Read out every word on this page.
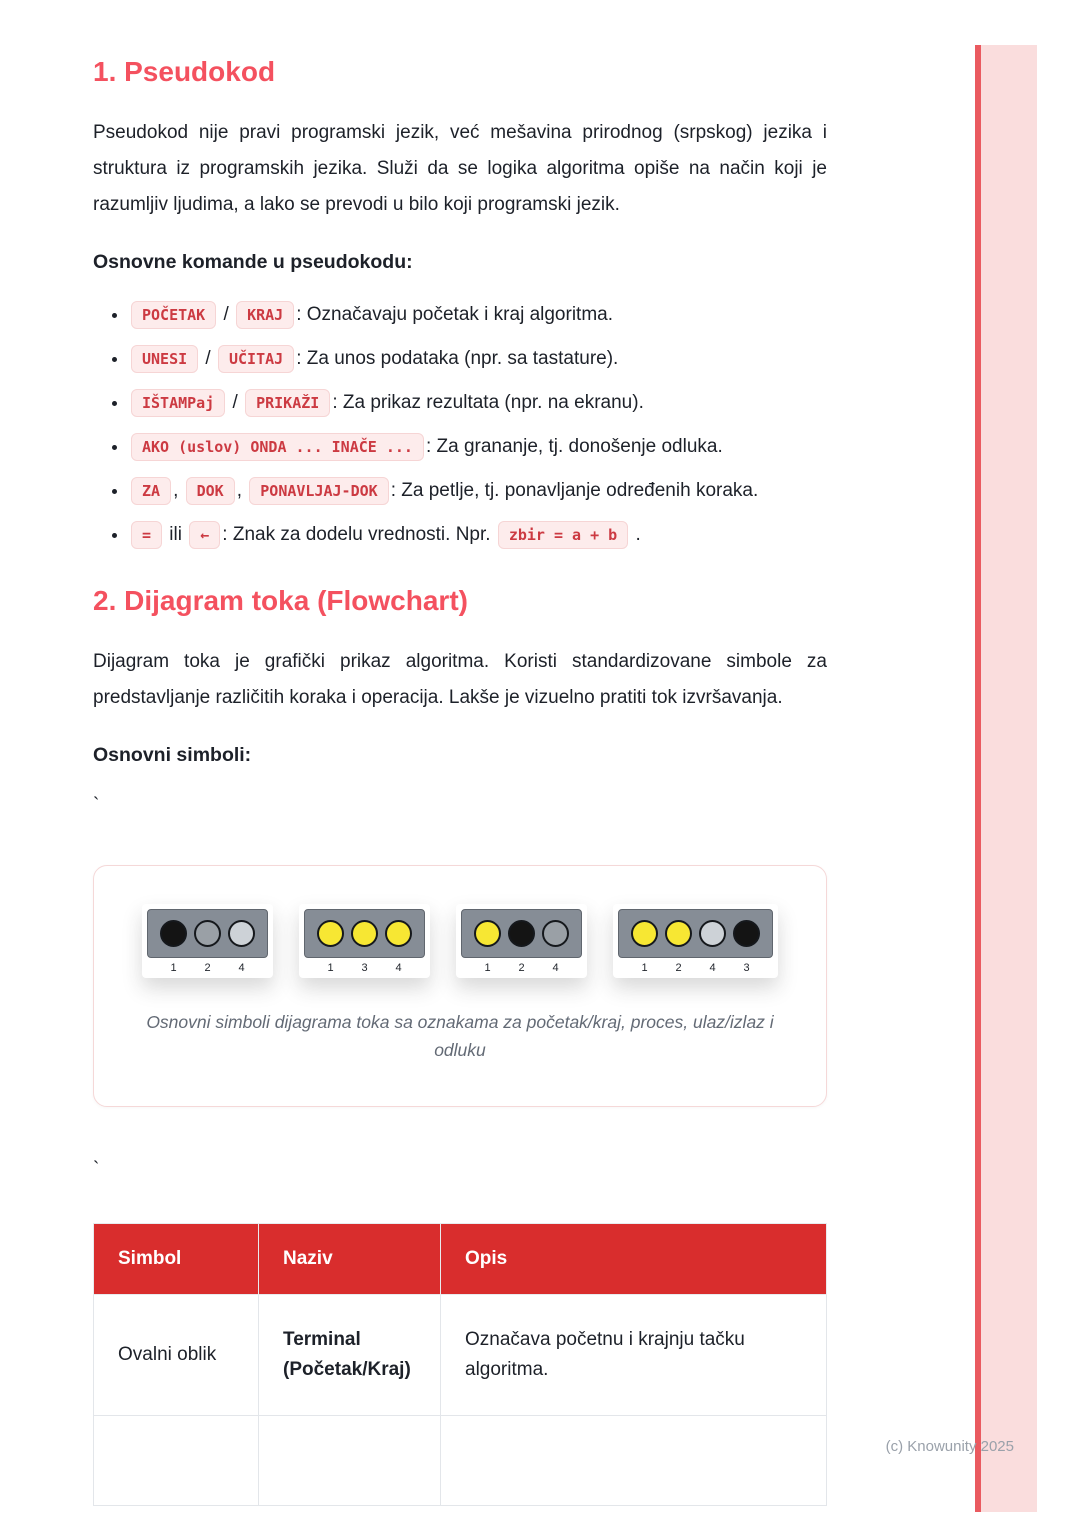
1. Pseudokod

Pseudokod nije pravi programski jezik, već mešavina prirodnog (srpskog) jezika i struktura iz programskih jezika. Služi da se logika algoritma opiše na način koji je razumljiv ljudima, a lako se prevodi u bilo koji programski jezik.

Osnovne komande u pseudokodu:

• POČETAK / KRAJ : Označavaju početak i kraj algoritma.
• UNESI / UČITAJ : Za unos podataka (npr. sa tastature).
• IŠTAMPaj / PRIKAŽI : Za prikaz rezultata (npr. na ekranu).
• AKO (uslov) ONDA ... INAČE ... : Za grananje, tj. donošenje odluka.
• ZA , DOK , PONAVLJAJ-DOK : Za petlje, tj. ponavljanje određenih koraka.
• = ili ← : Znak za dodelu vrednosti. Npr. zbir = a + b .
2. Dijagram toka (Flowchart)

Dijagram toka je grafički prikaz algoritma. Koristi standardizovane simbole za predstavljanje različitih koraka i operacija. Lakše je vizuelno pratiti tok izvršavanja.

Osnovni simboli:

`
1	2	4	1	3	4	1	2	4	1	2	4	3
Osnovni simboli dijagrama toka sa oznakama za početak/kraj, proces, ulaz/izlaz i odluku
`
Simbol	Naziv	Opis
Ovalni oblik	Terminal (Početak/Kraj)	Označava početnu i krajnju tačku algoritma.

(c) Knowunity 2025
